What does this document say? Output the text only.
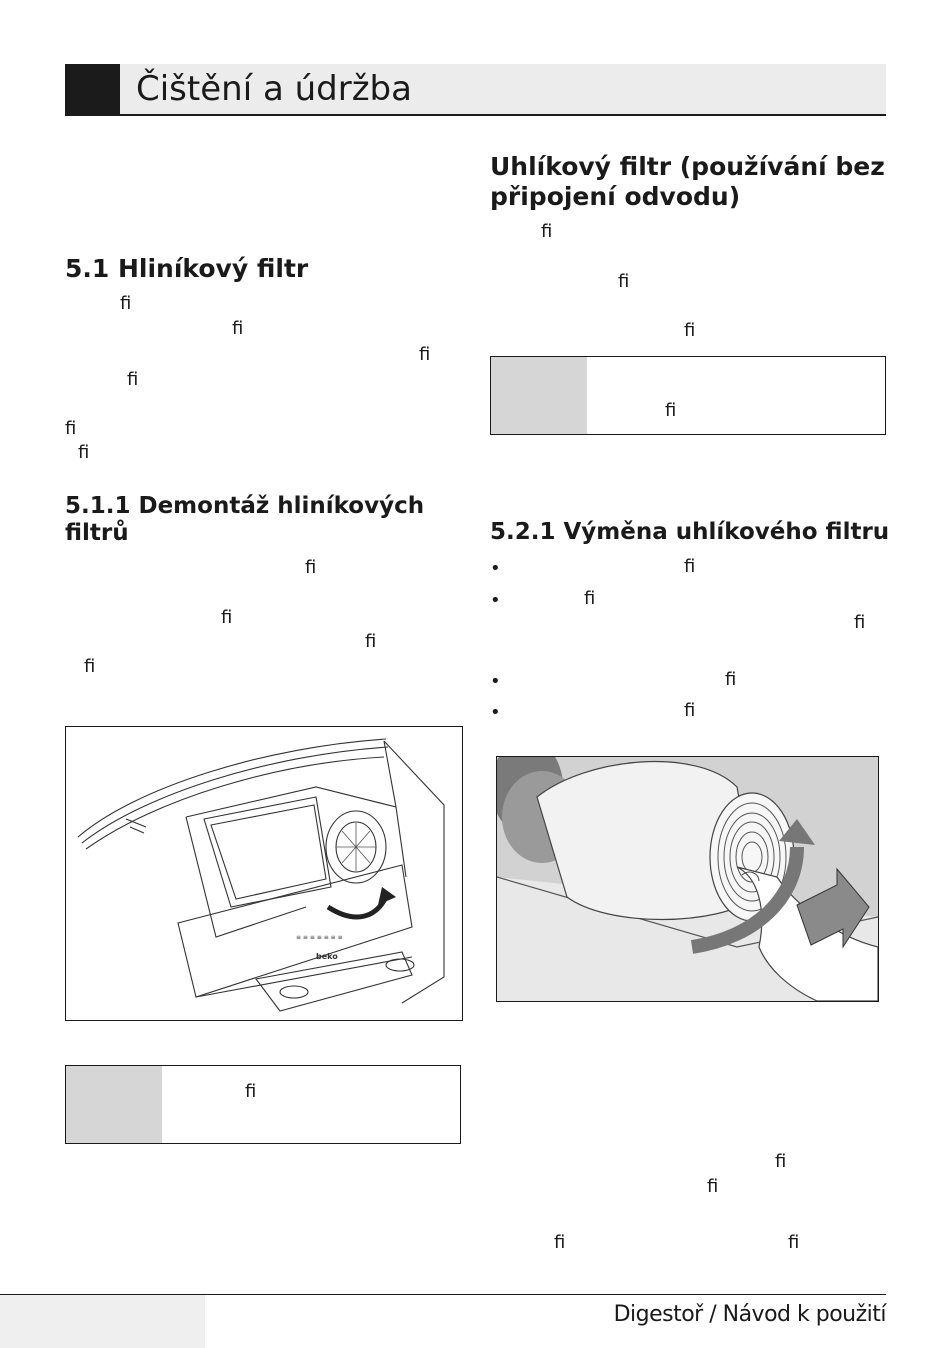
Čištění a údržba
5.1 Hliníkový filtr
ﬁ
ﬁ
ﬁ
ﬁ
ﬁ
ﬁ
5.1.1 Demontáž hliníkových
filtrů
ﬁ
ﬁ
ﬁ
ﬁ
≡ ≡ ≡ ≡ ≡ ≡ ≡
beko
ﬁ
Uhlíkový filtr (používání bez
připojení odvodu)
ﬁ
ﬁ
ﬁ
ﬁ
5.2.1 Výměna uhlíkového filtru
•	ﬁ
•	ﬁ
ﬁ
•	ﬁ
•	ﬁ
ﬁ
ﬁ
ﬁ	ﬁ
Digestoř / Návod k použití
